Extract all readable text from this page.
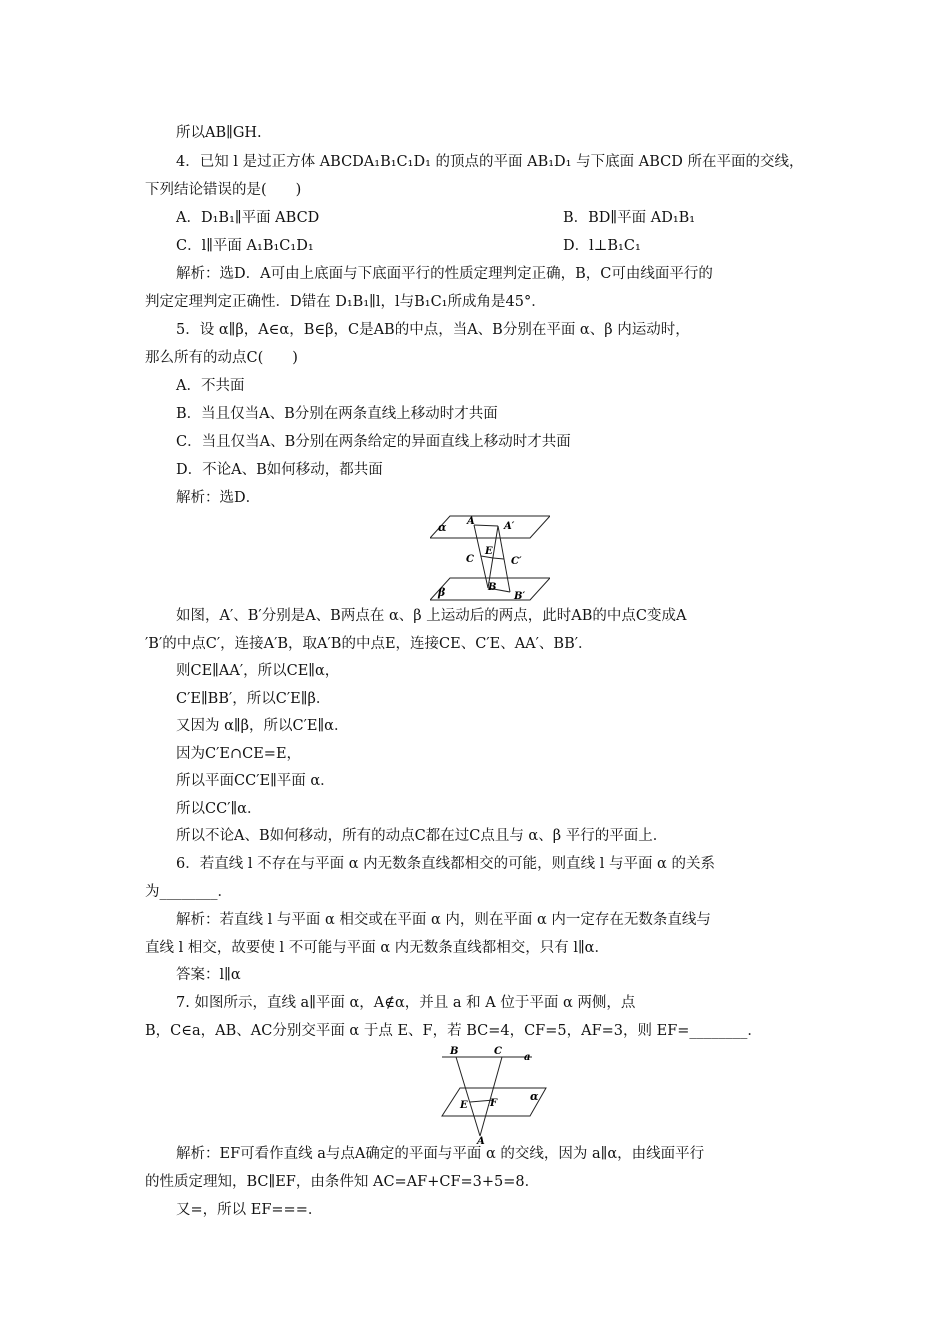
所以AB∥GH.
4．已知 l 是过正方体 ABCDA₁B₁C₁D₁ 的顶点的平面 AB₁D₁ 与下底面 ABCD 所在平面的交线，
下列结论错误的是(　　)
A．D₁B₁∥平面 ABCD	B．BD∥平面 AD₁B₁
C．l∥平面 A₁B₁C₁D₁	D．l⊥B₁C₁
解析：选D．A可由上底面与下底面平行的性质定理判定正确，B，C可由线面平行的
判定定理判定正确性．D错在 D₁B₁∥l，l与B₁C₁所成角是45°．
5．设 α∥β，A∈α，B∈β，C是AB的中点，当A、B分别在平面 α、β 内运动时，
那么所有的动点C(　　)
A．不共面
B．当且仅当A、B分别在两条直线上移动时才共面
C．当且仅当A、B分别在两条给定的异面直线上移动时才共面
D．不论A、B如何移动，都共面
解析：选D．
α A	A′
C
E
C′
B
B′
β
如图，A′、B′分别是A、B两点在 α、β 上运动后的两点，此时AB的中点C变成A
′B′的中点C′，连接A′B，取A′B的中点E，连接CE、C′E、AA′、BB′．
则CE∥AA′，所以CE∥α，
C′E∥BB′，所以C′E∥β．
又因为 α∥β，所以C′E∥α．
因为C′E∩CE=E，
所以平面CC′E∥平面 α．
所以CC′∥α．
所以不论A、B如何移动，所有的动点C都在过C点且与 α、β 平行的平面上．
6．若直线 l 不存在与平面 α 内无数条直线都相交的可能，则直线 l 与平面 α 的关系
为________．
解析：若直线 l 与平面 α 相交或在平面 α 内，则在平面 α 内一定存在无数条直线与
直线 l 相交，故要使 l 不可能与平面 α 内无数条直线都相交，只有 l∥α．
答案：l∥α
7. 如图所示，直线 a∥平面 α，A∉α，并且 a 和 A 位于平面 α 两侧，点
B，C∈a，AB、AC分别交平面 α 于点 E、F，若 BC=4，CF=5，AF=3，则 EF=________．
B	C
a
α
E F
A
解析：EF可看作直线 a与点A确定的平面与平面 α 的交线，因为 a∥α，由线面平行
的性质定理知，BC∥EF，由条件知 AC=AF+CF=3+5=8．
又=，所以 EF===．
